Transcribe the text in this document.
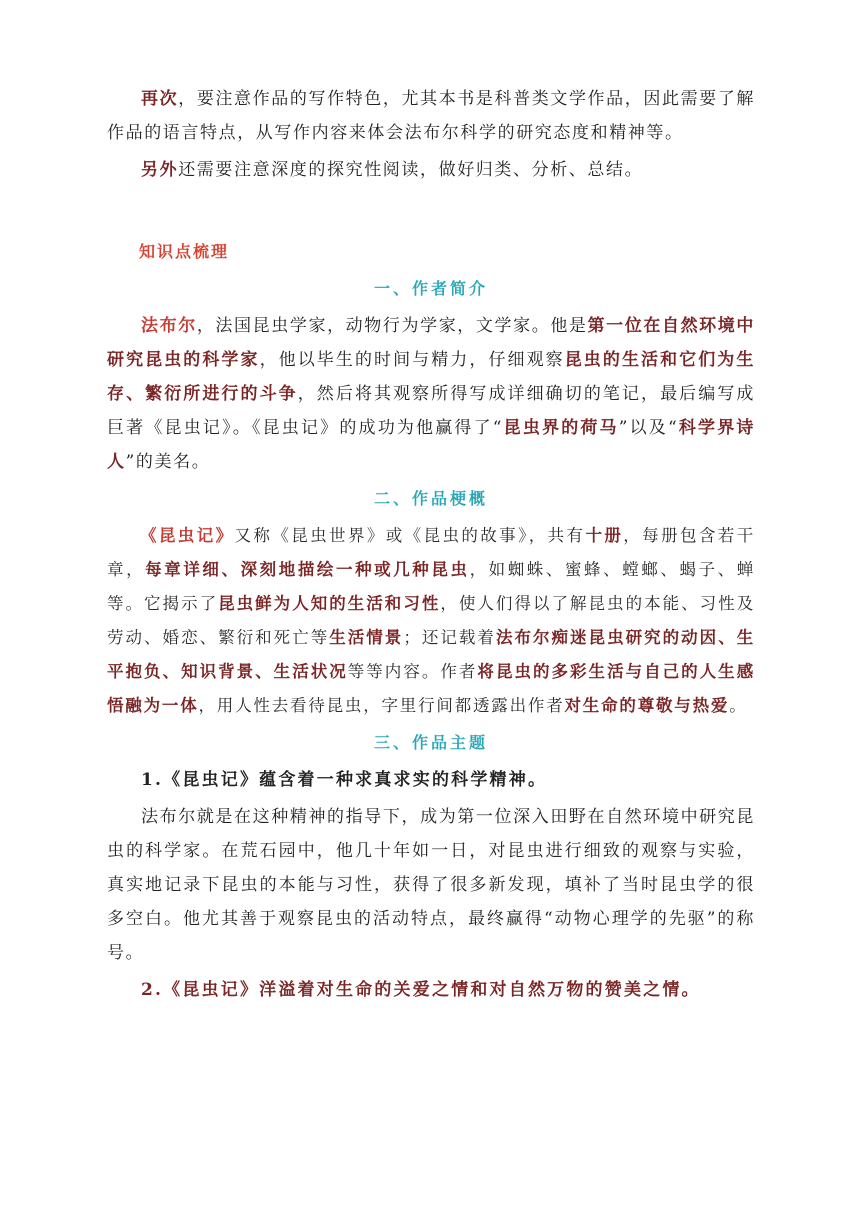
再次，要注意作品的写作特色，尤其本书是科普类文学作品，因此需要了解作品的语言特点，从写作内容来体会法布尔科学的研究态度和精神等。

另外还需要注意深度的探究性阅读，做好归类、分析、总结。

知识点梳理

一、作者简介

法布尔，法国昆虫学家，动物行为学家，文学家。他是第一位在自然环境中研究昆虫的科学家，他以毕生的时间与精力，仔细观察昆虫的生活和它们为生存、繁衍所进行的斗争，然后将其观察所得写成详细确切的笔记，最后编写成巨著《昆虫记》。《昆虫记》的成功为他赢得了“昆虫界的荷马”以及“科学界诗人”的美名。

二、作品梗概

《昆虫记》又称《昆虫世界》或《昆虫的故事》，共有十册，每册包含若干章，每章详细、深刻地描绘一种或几种昆虫，如蜘蛛、蜜蜂、螳螂、蝎子、蝉等。它揭示了昆虫鲜为人知的生活和习性，使人们得以了解昆虫的本能、习性及劳动、婚恋、繁衍和死亡等生活情景；还记载着法布尔痴迷昆虫研究的动因、生平抱负、知识背景、生活状况等等内容。作者将昆虫的多彩生活与自己的人生感悟融为一体，用人性去看待昆虫，字里行间都透露出作者对生命的尊敬与热爱。

三、作品主题

1.《昆虫记》蕴含着一种求真求实的科学精神。

法布尔就是在这种精神的指导下，成为第一位深入田野在自然环境中研究昆虫的科学家。在荒石园中，他几十年如一日，对昆虫进行细致的观察与实验，真实地记录下昆虫的本能与习性，获得了很多新发现，填补了当时昆虫学的很多空白。他尤其善于观察昆虫的活动特点，最终赢得“动物心理学的先驱”的称号。

2.《昆虫记》洋溢着对生命的关爱之情和对自然万物的赞美之情。
